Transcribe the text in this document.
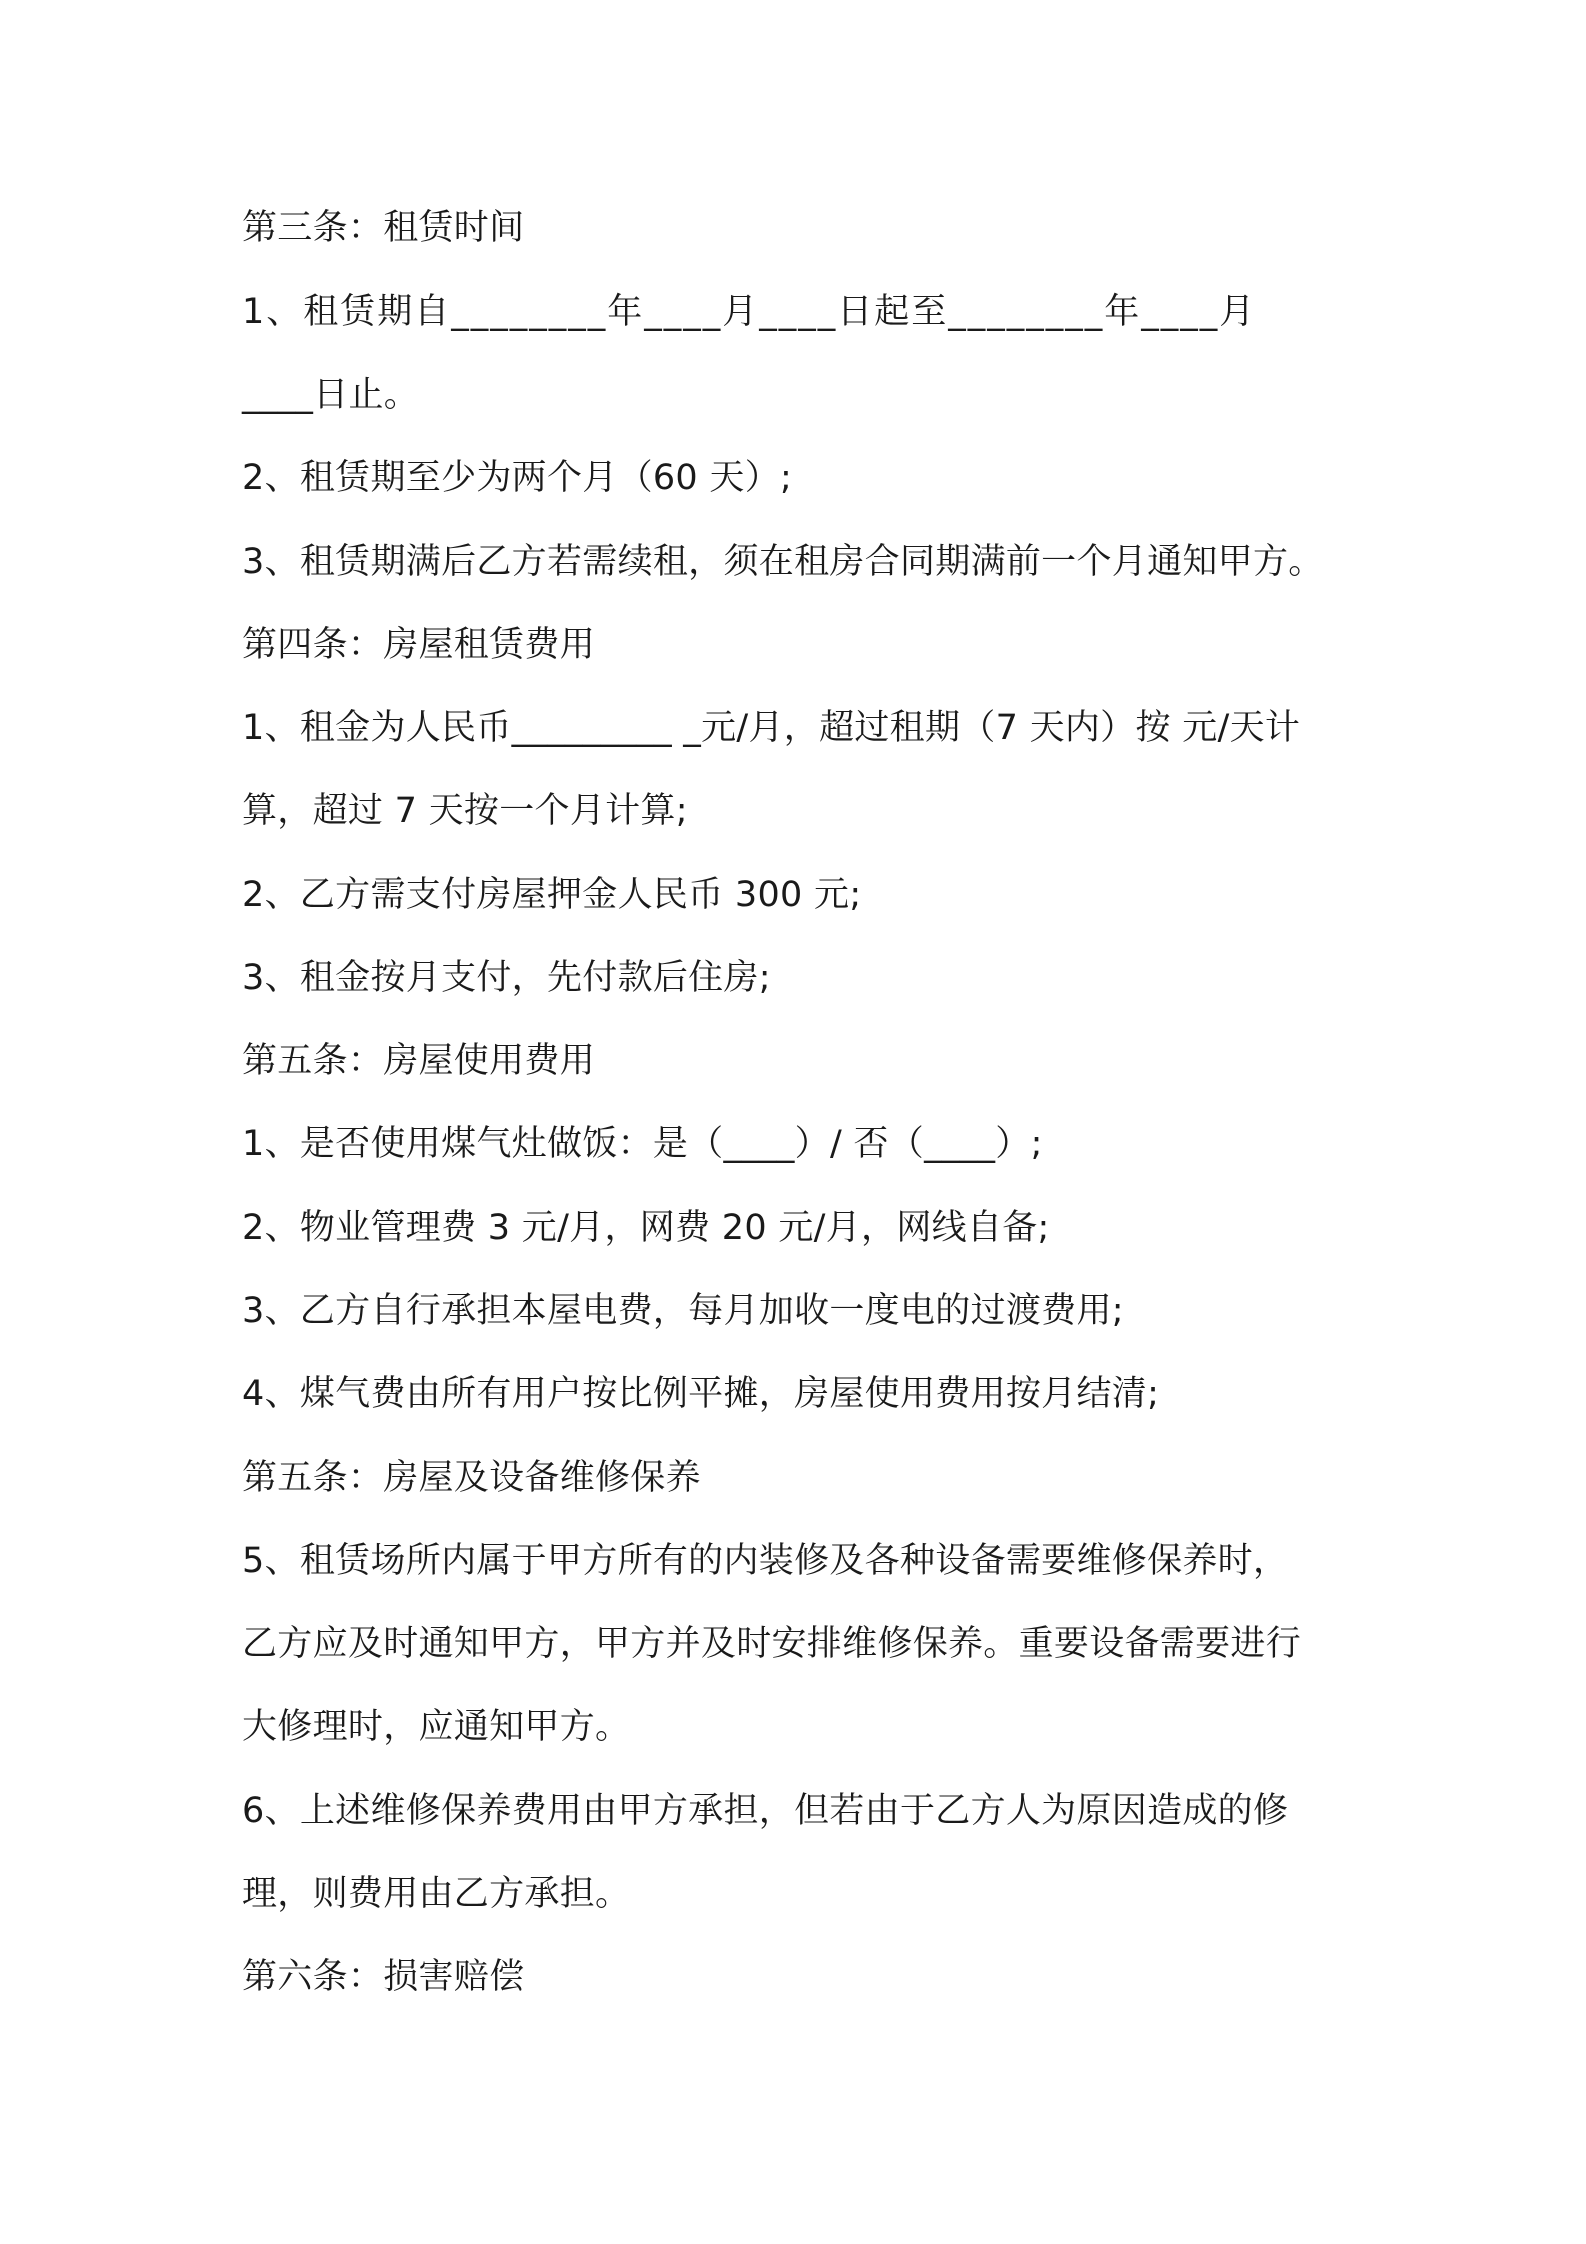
第三条：租赁时间
1、租赁期自________年____月____日起至________年____月
____日止。
2、租赁期至少为两个月（60 天）;
3、租赁期满后乙方若需续租，须在租房合同期满前一个月通知甲方。
第四条：房屋租赁费用
1、租金为人民币_________ _元/月，超过租期（7 天内）按 元/天计
算，超过 7 天按一个月计算;
2、乙方需支付房屋押金人民币 300 元;
3、租金按月支付，先付款后住房;
第五条：房屋使用费用
1、是否使用煤气灶做饭：是（____）/ 否（____）;
2、物业管理费 3 元/月，网费 20 元/月，网线自备;
3、乙方自行承担本屋电费，每月加收一度电的过渡费用;
4、煤气费由所有用户按比例平摊，房屋使用费用按月结清;
第五条：房屋及设备维修保养
5、租赁场所内属于甲方所有的内装修及各种设备需要维修保养时，
乙方应及时通知甲方，甲方并及时安排维修保养。重要设备需要进行
大修理时，应通知甲方。
6、上述维修保养费用由甲方承担，但若由于乙方人为原因造成的修
理，则费用由乙方承担。
第六条：损害赔偿
